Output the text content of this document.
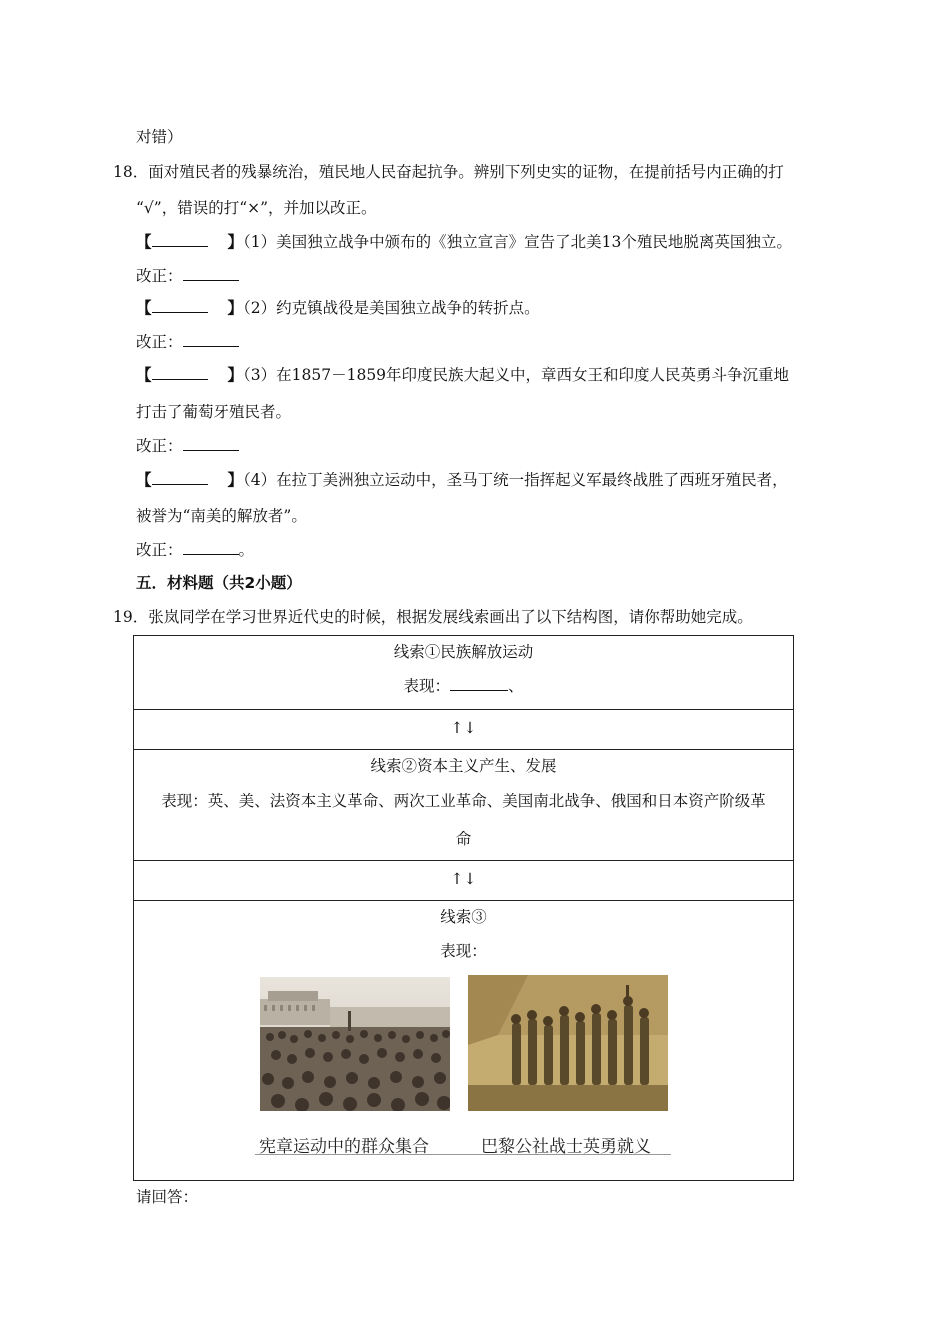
对错）
18．面对殖民者的残暴统治，殖民地人民奋起抗争。辨别下列史实的证物，在提前括号内正确的打
“√”，错误的打“×”，并加以改正。
【	】（1）美国独立战争中颁布的《独立宣言》宣告了北美13个殖民地脱离英国独立。
改正：
【	】（2）约克镇战役是美国独立战争的转折点。
改正：
【	】（3）在1857－1859年印度民族大起义中，章西女王和印度人民英勇斗争沉重地
打击了葡萄牙殖民者。
改正：
【	】（4）在拉丁美洲独立运动中，圣马丁统一指挥起义军最终战胜了西班牙殖民者，
被誉为“南美的解放者”。
改正：	。
五．材料题（共2小题）
19．张岚同学在学习世界近代史的时候，根据发展线索画出了以下结构图，请你帮助她完成。
线索①民族解放运动
表现：	、

↑↓

线索②资本主义产生、发展
表现：英、美、法资本主义革命、两次工业革命、美国南北战争、俄国和日本资产阶级革
命

↑↓

线索③
表现：
宪章运动中的群众集合	巴黎公社战士英勇就义
请回答：
